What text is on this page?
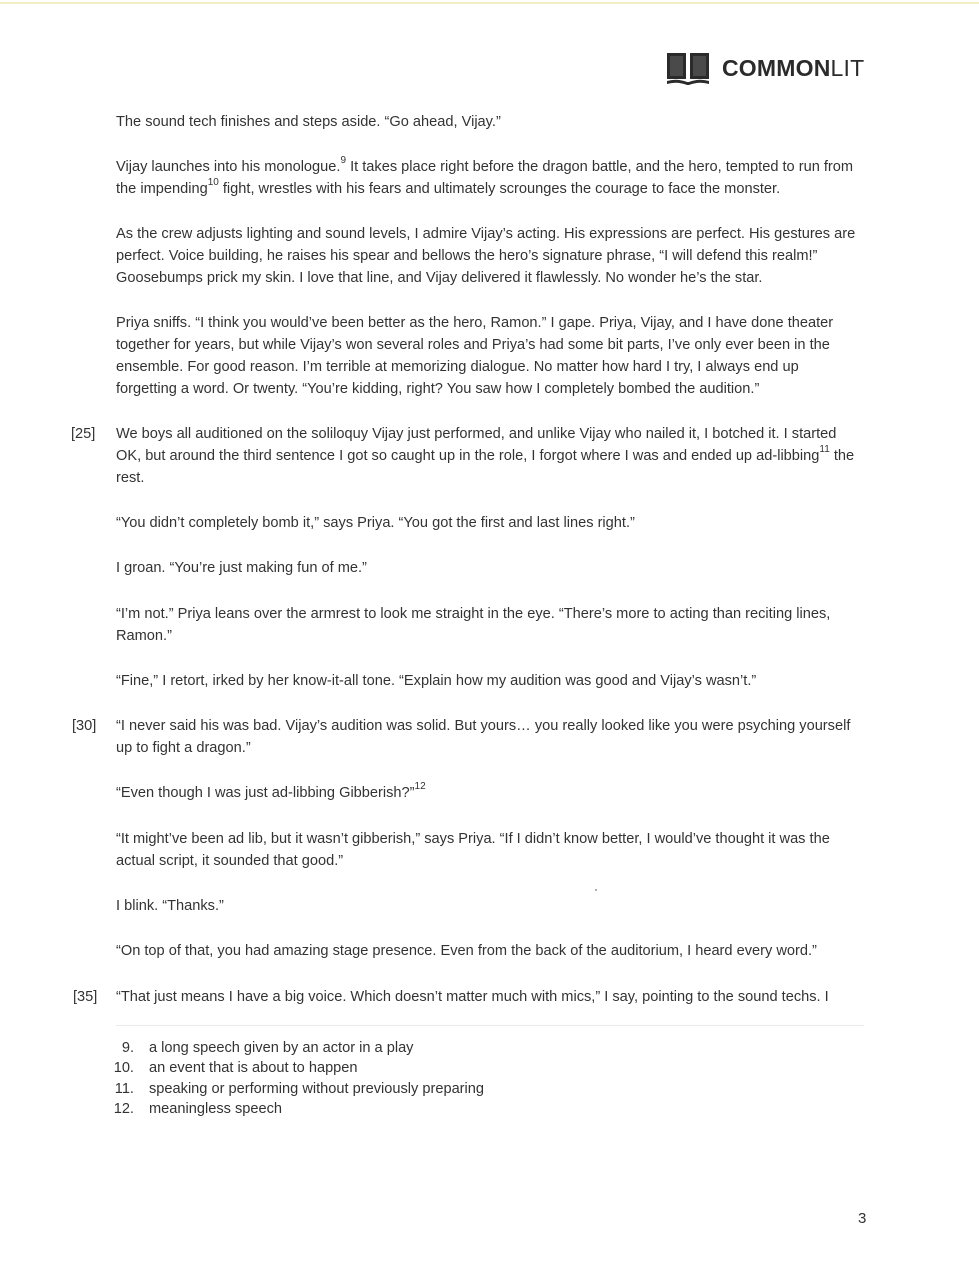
COMMONLIT

The sound tech finishes and steps aside. “Go ahead, Vijay.”

Vijay launches into his monologue.$^9$ It takes place right before the dragon battle, and the hero, tempted to run from the impending$^{10}$ fight, wrestles with his fears and ultimately scrounges the courage to face the monster.

As the crew adjusts lighting and sound levels, I admire Vijay’s acting. His expressions are perfect. His gestures are perfect. Voice building, he raises his spear and bellows the hero’s signature phrase, “I will defend this realm!” Goosebumps prick my skin. I love that line, and Vijay delivered it flawlessly. No wonder he’s the star.

Priya sniffs. “I think you would’ve been better as the hero, Ramon.” I gape. Priya, Vijay, and I have done theater together for years, but while Vijay’s won several roles and Priya’s had some bit parts, I’ve only ever been in the ensemble. For good reason. I’m terrible at memorizing dialogue. No matter how hard I try, I always end up forgetting a word. Or twenty. “You’re kidding, right? You saw how I completely bombed the audition.”

[25] We boys all auditioned on the soliloquy Vijay just performed, and unlike Vijay who nailed it, I botched it. I started OK, but around the third sentence I got so caught up in the role, I forgot where I was and ended up ad-libbing$^{11}$ the rest.

“You didn’t completely bomb it,” says Priya. “You got the first and last lines right.”

I groan. “You’re just making fun of me.”

“I’m not.” Priya leans over the armrest to look me straight in the eye. “There’s more to acting than reciting lines, Ramon.”

“Fine,” I retort, irked by her know-it-all tone. “Explain how my audition was good and Vijay’s wasn’t.”

[30] “I never said his was bad. Vijay’s audition was solid. But yours… you really looked like you were psyching yourself up to fight a dragon.”

“Even though I was just ad-libbing Gibberish?”$^{12}$

“It might’ve been ad lib, but it wasn’t gibberish,” says Priya. “If I didn’t know better, I would’ve thought it was the actual script, it sounded that good.”

I blink. “Thanks.”

“On top of that, you had amazing stage presence. Even from the back of the auditorium, I heard every word.”

[35] “That just means I have a big voice. Which doesn’t matter much with mics,” I say, pointing to the sound techs. I

9. a long speech given by an actor in a play
10. an event that is about to happen
11. speaking or performing without previously preparing
12. meaningless speech
3
